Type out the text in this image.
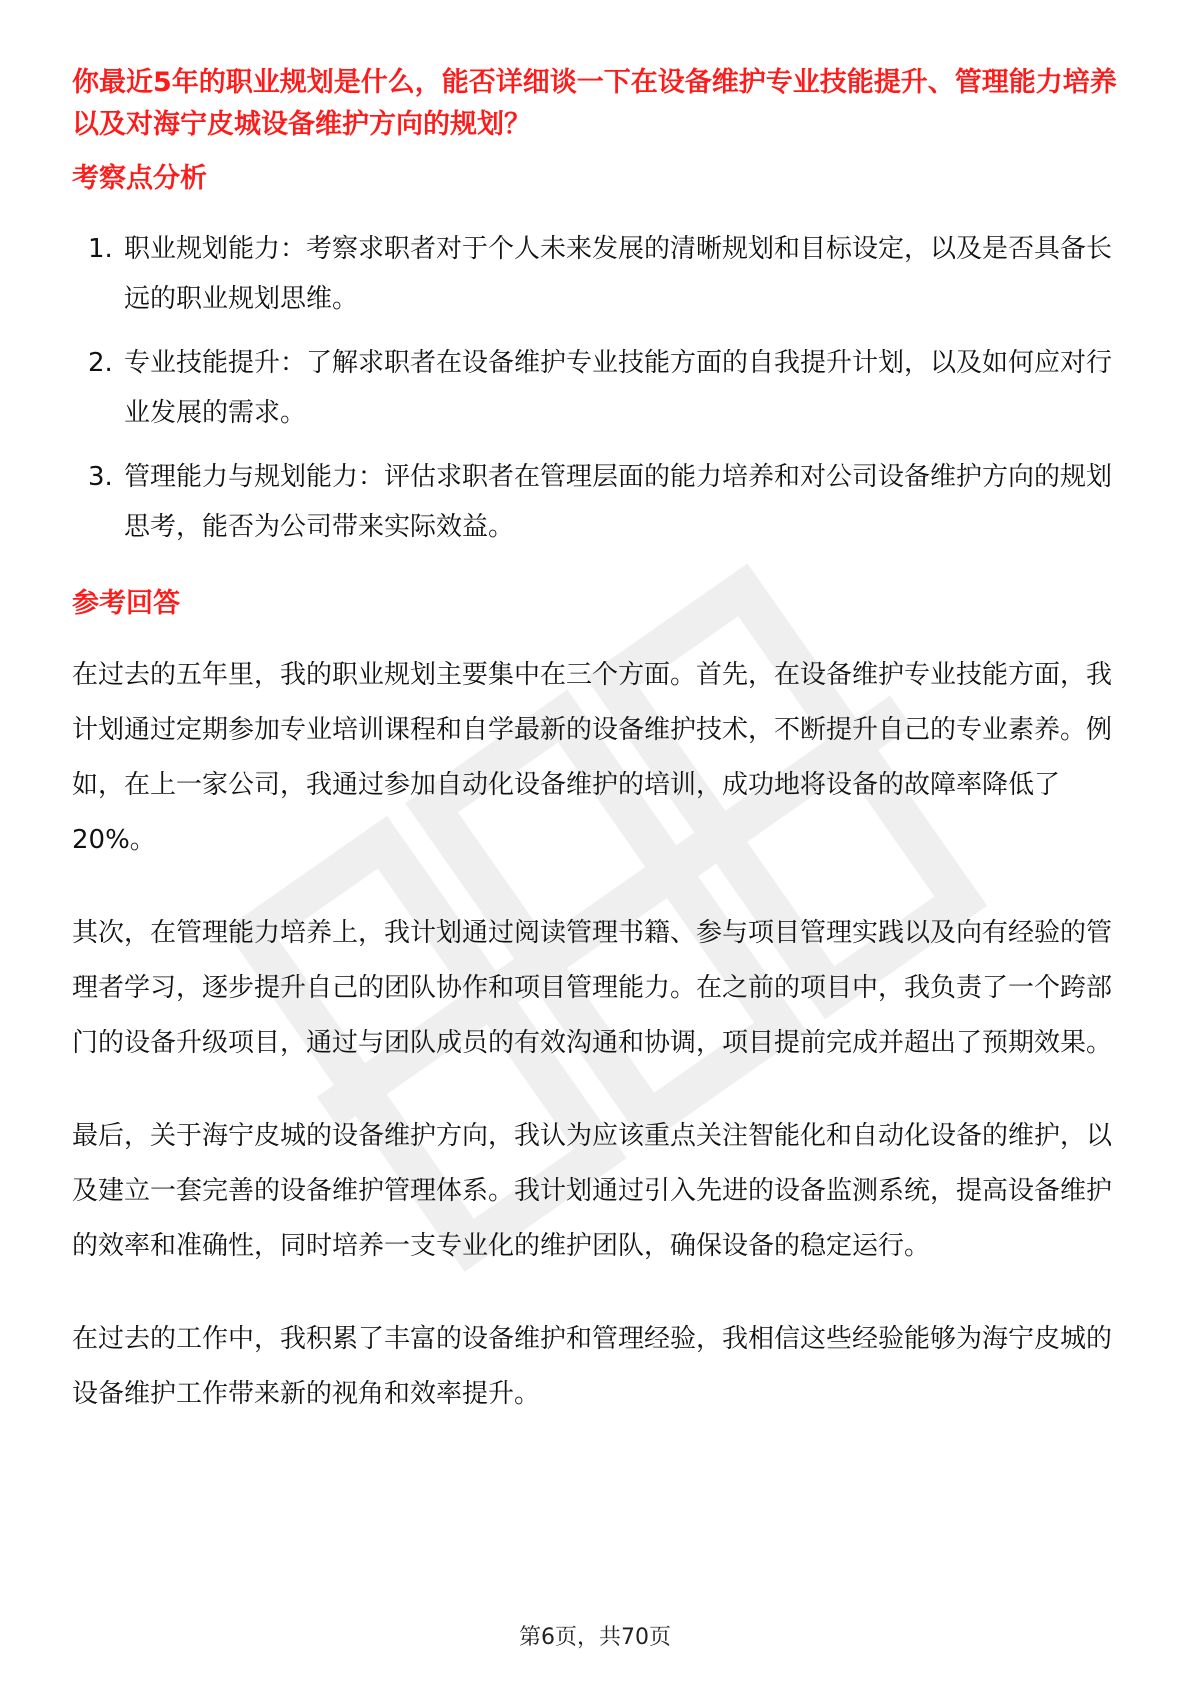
你最近5年的职业规划是什么，能否详细谈一下在设备维护专业技能提升、管理能力培养以及对海宁皮城设备维护方向的规划？

考察点分析
1. 职业规划能力：考察求职者对于个人未来发展的清晰规划和目标设定，以及是否具备长远的职业规划思维。
2. 专业技能提升：了解求职者在设备维护专业技能方面的自我提升计划，以及如何应对行业发展的需求。
3. 管理能力与规划能力：评估求职者在管理层面的能力培养和对公司设备维护方向的规划思考，能否为公司带来实际效益。
参考回答

在过去的五年里，我的职业规划主要集中在三个方面。首先，在设备维护专业技能方面，我计划通过定期参加专业培训课程和自学最新的设备维护技术，不断提升自己的专业素养。例如，在上一家公司，我通过参加自动化设备维护的培训，成功地将设备的故障率降低了20%。

其次，在管理能力培养上，我计划通过阅读管理书籍、参与项目管理实践以及向有经验的管理者学习，逐步提升自己的团队协作和项目管理能力。在之前的项目中，我负责了一个跨部门的设备升级项目，通过与团队成员的有效沟通和协调，项目提前完成并超出了预期效果。

最后，关于海宁皮城的设备维护方向，我认为应该重点关注智能化和自动化设备的维护，以及建立一套完善的设备维护管理体系。我计划通过引入先进的设备监测系统，提高设备维护的效率和准确性，同时培养一支专业化的维护团队，确保设备的稳定运行。

在过去的工作中，我积累了丰富的设备维护和管理经验，我相信这些经验能够为海宁皮城的设备维护工作带来新的视角和效率提升。

第6页，共70页
